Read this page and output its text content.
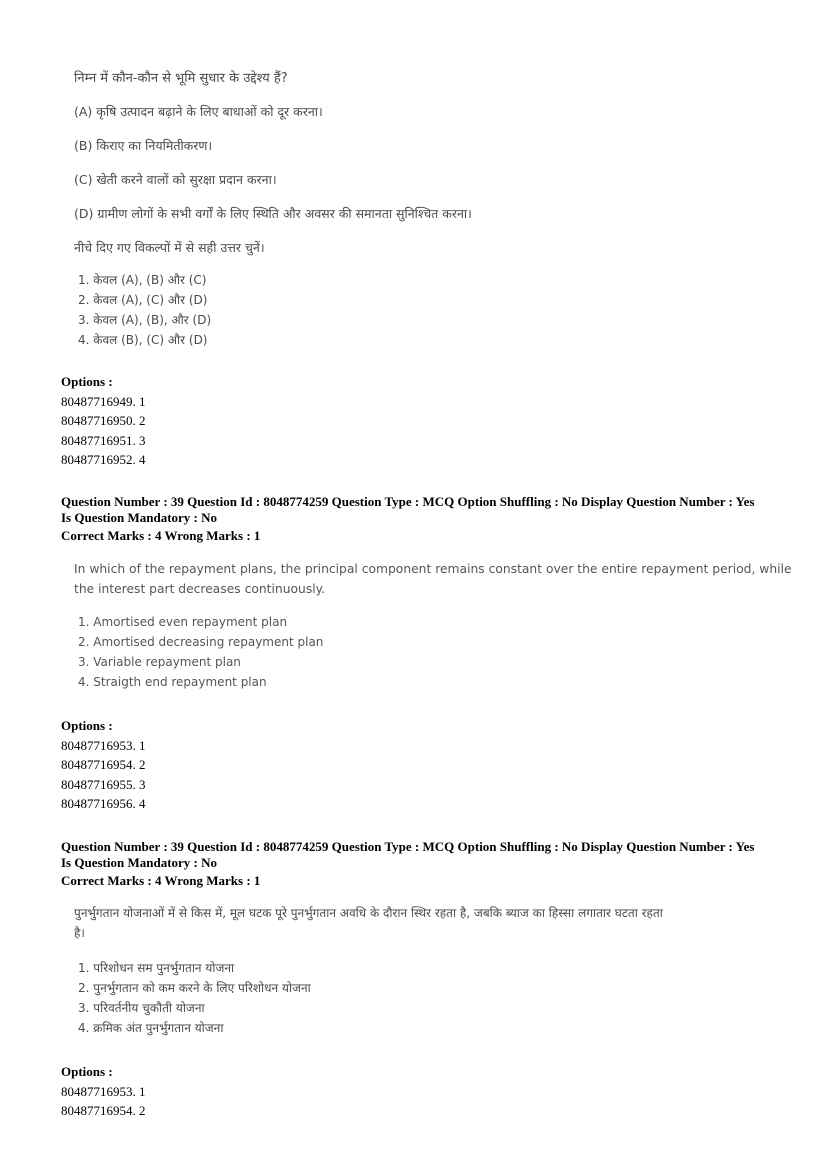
निम्न में कौन-कौन से भूमि सुधार के उद्देश्य हैं?

(A) कृषि उत्पादन बढ़ाने के लिए बाधाओं को दूर करना।

(B) किराए का नियमितीकरण।

(C) खेती करने वालों को सुरक्षा प्रदान करना।

(D) ग्रामीण लोगों के सभी वर्गों के लिए स्थिति और अवसर की समानता सुनिश्चित करना।

नीचे दिए गए विकल्पों में से सही उत्तर चुनें।

1. केवल (A), (B) और (C)

2. केवल (A), (C) और (D)

3. केवल (A), (B), और (D)

4. केवल (B), (C) और (D)

Options :
80487716949. 1
80487716950. 2
80487716951. 3
80487716952. 4
Question Number : 39 Question Id : 8048774259 Question Type : MCQ Option Shuffling : No Display Question Number : Yes
Is Question Mandatory : No
Correct Marks : 4 Wrong Marks : 1

In which of the repayment plans, the principal component remains constant over the entire repayment period, while

the interest part decreases continuously.

1. Amortised even repayment plan

2. Amortised decreasing repayment plan

3. Variable repayment plan

4. Straigth end repayment plan

Options :
80487716953. 1
80487716954. 2
80487716955. 3
80487716956. 4
Question Number : 39 Question Id : 8048774259 Question Type : MCQ Option Shuffling : No Display Question Number : Yes
Is Question Mandatory : No
Correct Marks : 4 Wrong Marks : 1

पुनर्भुगतान योजनाओं में से किस में, मूल घटक पूरे पुनर्भुगतान अवधि के दौरान स्थिर रहता है, जबकि ब्याज का हिस्सा लगातार घटता रहता

है।

1. परिशोधन सम पुनर्भुगतान योजना

2. पुनर्भुगतान को कम करने के लिए परिशोधन योजना

3. परिवर्तनीय चुकौती योजना

4. क्रमिक अंत पुनर्भुगतान योजना

Options :
80487716953. 1
80487716954. 2
